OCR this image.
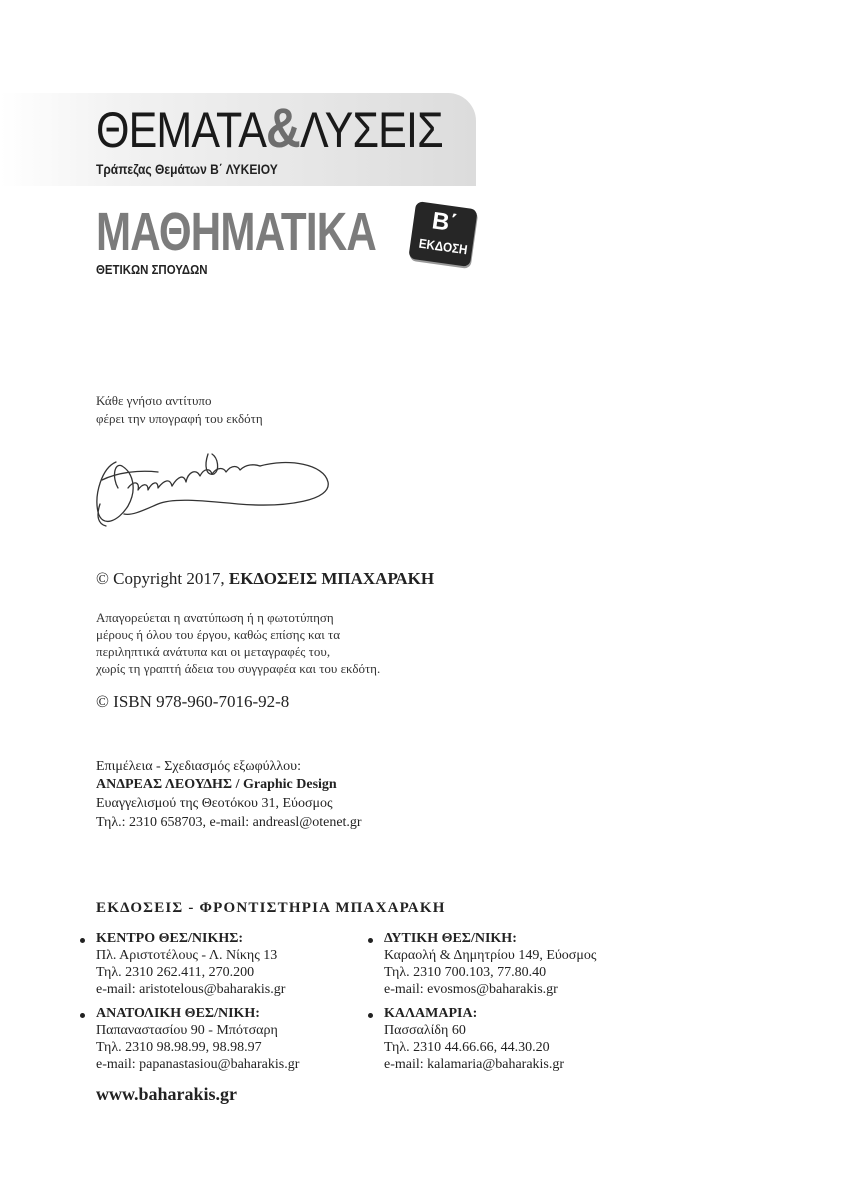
ΘΕΜΑΤΑ&ΛΥΣΕΙΣ
Τράπεζας Θεμάτων Β΄ ΛΥΚΕΙΟΥ
ΜΑΘΗΜΑΤΙΚΑ
ΘΕΤΙΚΩΝ ΣΠΟΥΔΩΝ
Β΄
ΕΚΔΟΣΗ
Κάθε γνήσιο αντίτυπο
φέρει την υπογραφή του εκδότη
© Copyright 2017, ΕΚΔΟΣΕΙΣ ΜΠΑΧΑΡΑΚΗ
Απαγορεύεται η ανατύπωση ή η φωτοτύπηση
μέρους ή όλου του έργου, καθώς επίσης και τα
περιληπτικά ανάτυπα και οι μεταγραφές του,
χωρίς τη γραπτή άδεια του συγγραφέα και του εκδότη.
© ISBN 978-960-7016-92-8
Επιμέλεια - Σχεδιασμός εξωφύλλου:
ΑΝΔΡΕΑΣ ΛΕΟΥΔΗΣ / Graphic Design
Ευαγγελισμού της Θεοτόκου 31, Εύοσμος
Τηλ.: 2310 658703, e-mail: andreasl@otenet.gr
ΕΚΔΟΣΕΙΣ - ΦΡΟΝΤΙΣΤΗΡΙΑ ΜΠΑΧΑΡΑΚΗ
ΚΕΝΤΡΟ ΘΕΣ/ΝΙΚΗΣ:
Πλ. Αριστοτέλους - Λ. Νίκης 13
Τηλ. 2310 262.411, 270.200
e-mail: aristotelous@baharakis.gr
ΔΥΤΙΚΗ ΘΕΣ/ΝΙΚΗ:
Καραολή & Δημητρίου 149, Εύοσμος
Τηλ. 2310 700.103, 77.80.40
e-mail: evosmos@baharakis.gr
ΑΝΑΤΟΛΙΚΗ ΘΕΣ/ΝΙΚΗ:
Παπαναστασίου 90 - Μπότσαρη
Τηλ. 2310 98.98.99, 98.98.97
e-mail: papanastasiou@baharakis.gr
ΚΑΛΑΜΑΡΙΑ:
Πασσαλίδη 60
Τηλ. 2310 44.66.66, 44.30.20
e-mail: kalamaria@baharakis.gr
www.baharakis.gr
